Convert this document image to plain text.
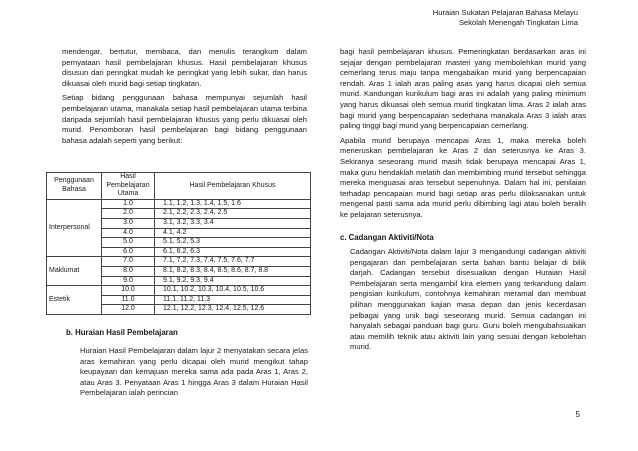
Huraian Sukatan Pelajaran Bahasa Melayu
Sekolah Menengah Tingkatan Lima

mendengar, bertutur, membaca, dan menulis terangkum dalam pernyataan hasil pembelajaran khusus. Hasil pembelajaran khusus disusun dari peringkat mudah ke peringkat yang lebih sukar, dan harus dikuasai oleh murid bagi setiap tingkatan.

Setiap bidang penggunaan bahasa mempunyai sejumlah hasil pembelajaran utama, manakala setiap hasil pembelajaran utama terbina daripada sejumlah hasil pembelajaran khusus yang perlu dikuasai oleh murid. Penomboran hasil pembelajaran bagi bidang penggunaan bahasa adalah seperti yang berikut:

Penggunaan Bahasa	Hasil Pembelajaran Utama	Hasil Pembelajaran Khusus
Interpersonal	1.0	1.1, 1.2, 1.3, 1.4, 1.5, 1.6
	2.0	2.1, 2.2, 2.3, 2.4, 2.5
	3.0	3.1, 3.2, 3.3, 3.4
	4.0	4.1, 4.2
	5.0	5.1, 5.2, 5.3
	6.0	6.1, 6.2, 6.3
Maklumat	7.0	7.1, 7.2, 7.3, 7.4, 7.5, 7.6, 7.7
	8.0	8.1, 8.2, 8.3, 8.4, 8.5, 8.6, 8.7, 8.8
	9.0	9.1, 9.2, 9.3, 9.4
Estetik	10.0	10.1, 10.2, 10.3, 10.4, 10.5, 10.6
	11.0	11.1, 11.2, 11.3
	12.0	12.1, 12.2, 12.3, 12.4, 12.5, 12.6
b. Huraian Hasil Pembelajaran
Huraian Hasil Pembelajaran dalam lajur 2 menyatakan secara jelas aras kemahiran yang perlu dicapai oleh murid mengikut tahap keupayaan dan kemajuan mereka sama ada pada Aras 1, Aras 2, atau Aras 3. Penyataan Aras 1 hingga Aras 3 dalam Huraian Hasil Pembelajaran ialah perincian

bagi hasil pembelajaran khusus. Pemeringkatan berdasarkan aras ini sejajar dengan pembelajaran masteri yang membolehkan murid yang cemerlang terus maju tanpa mengabaikan murid yang berpencapaian rendah. Aras 1 ialah aras paling asas yang harus dicapai oleh semua murid. Kandungan kurikulum bagi aras ini adalah yang paling minimum yang harus dikuasai oleh semua murid tingkatan lima. Aras 2 ialah aras bagi murid yang berpencapaian sederhana manakala Aras 3 ialah aras paling tinggi bagi murid yang berpencapaian cemerlang.

Apabila murid berupaya mencapai Aras 1, maka mereka boleh meneruskan pembelajaran ke Aras 2 dan seterusnya ke Aras 3. Sekiranya seseorang murid masih tidak berupaya mencapai Aras 1, maka guru hendaklah melatih dan membimbing murid tersebut sehingga mereka menguasai aras tersebut sepenuhnya. Dalam hal ini, penilaian terhadap pencapaian murid bagi setiap aras perlu dilaksanakan untuk mengenal pasti sama ada murid perlu dibimbing lagi atau boleh beralih ke pelajaran seterusnya.

c. Cadangan Aktiviti/Nota
Cadangan Aktiviti/Nota dalam lajur 3 mengandungi cadangan aktiviti pengajaran dan pembelajaran serta bahan bantu belajar di bilik darjah. Cadangan tersebut disesuaikan dengan Huraian Hasil Pembelajaran serta mengambil kira elemen yang terkandung dalam pengisian kurikulum, contohnya kemahiran meramal dan membuat pilihan menggunakan kajian masa depan dan jenis kecerdasan pelbagai yang unik bagi seseorang murid. Semua cadangan ini hanyalah sebagai panduan bagi guru. Guru boleh mengubahsuaikan atau memilih teknik atau aktiviti lain yang sesuai dengan kebolehan murid.
5
